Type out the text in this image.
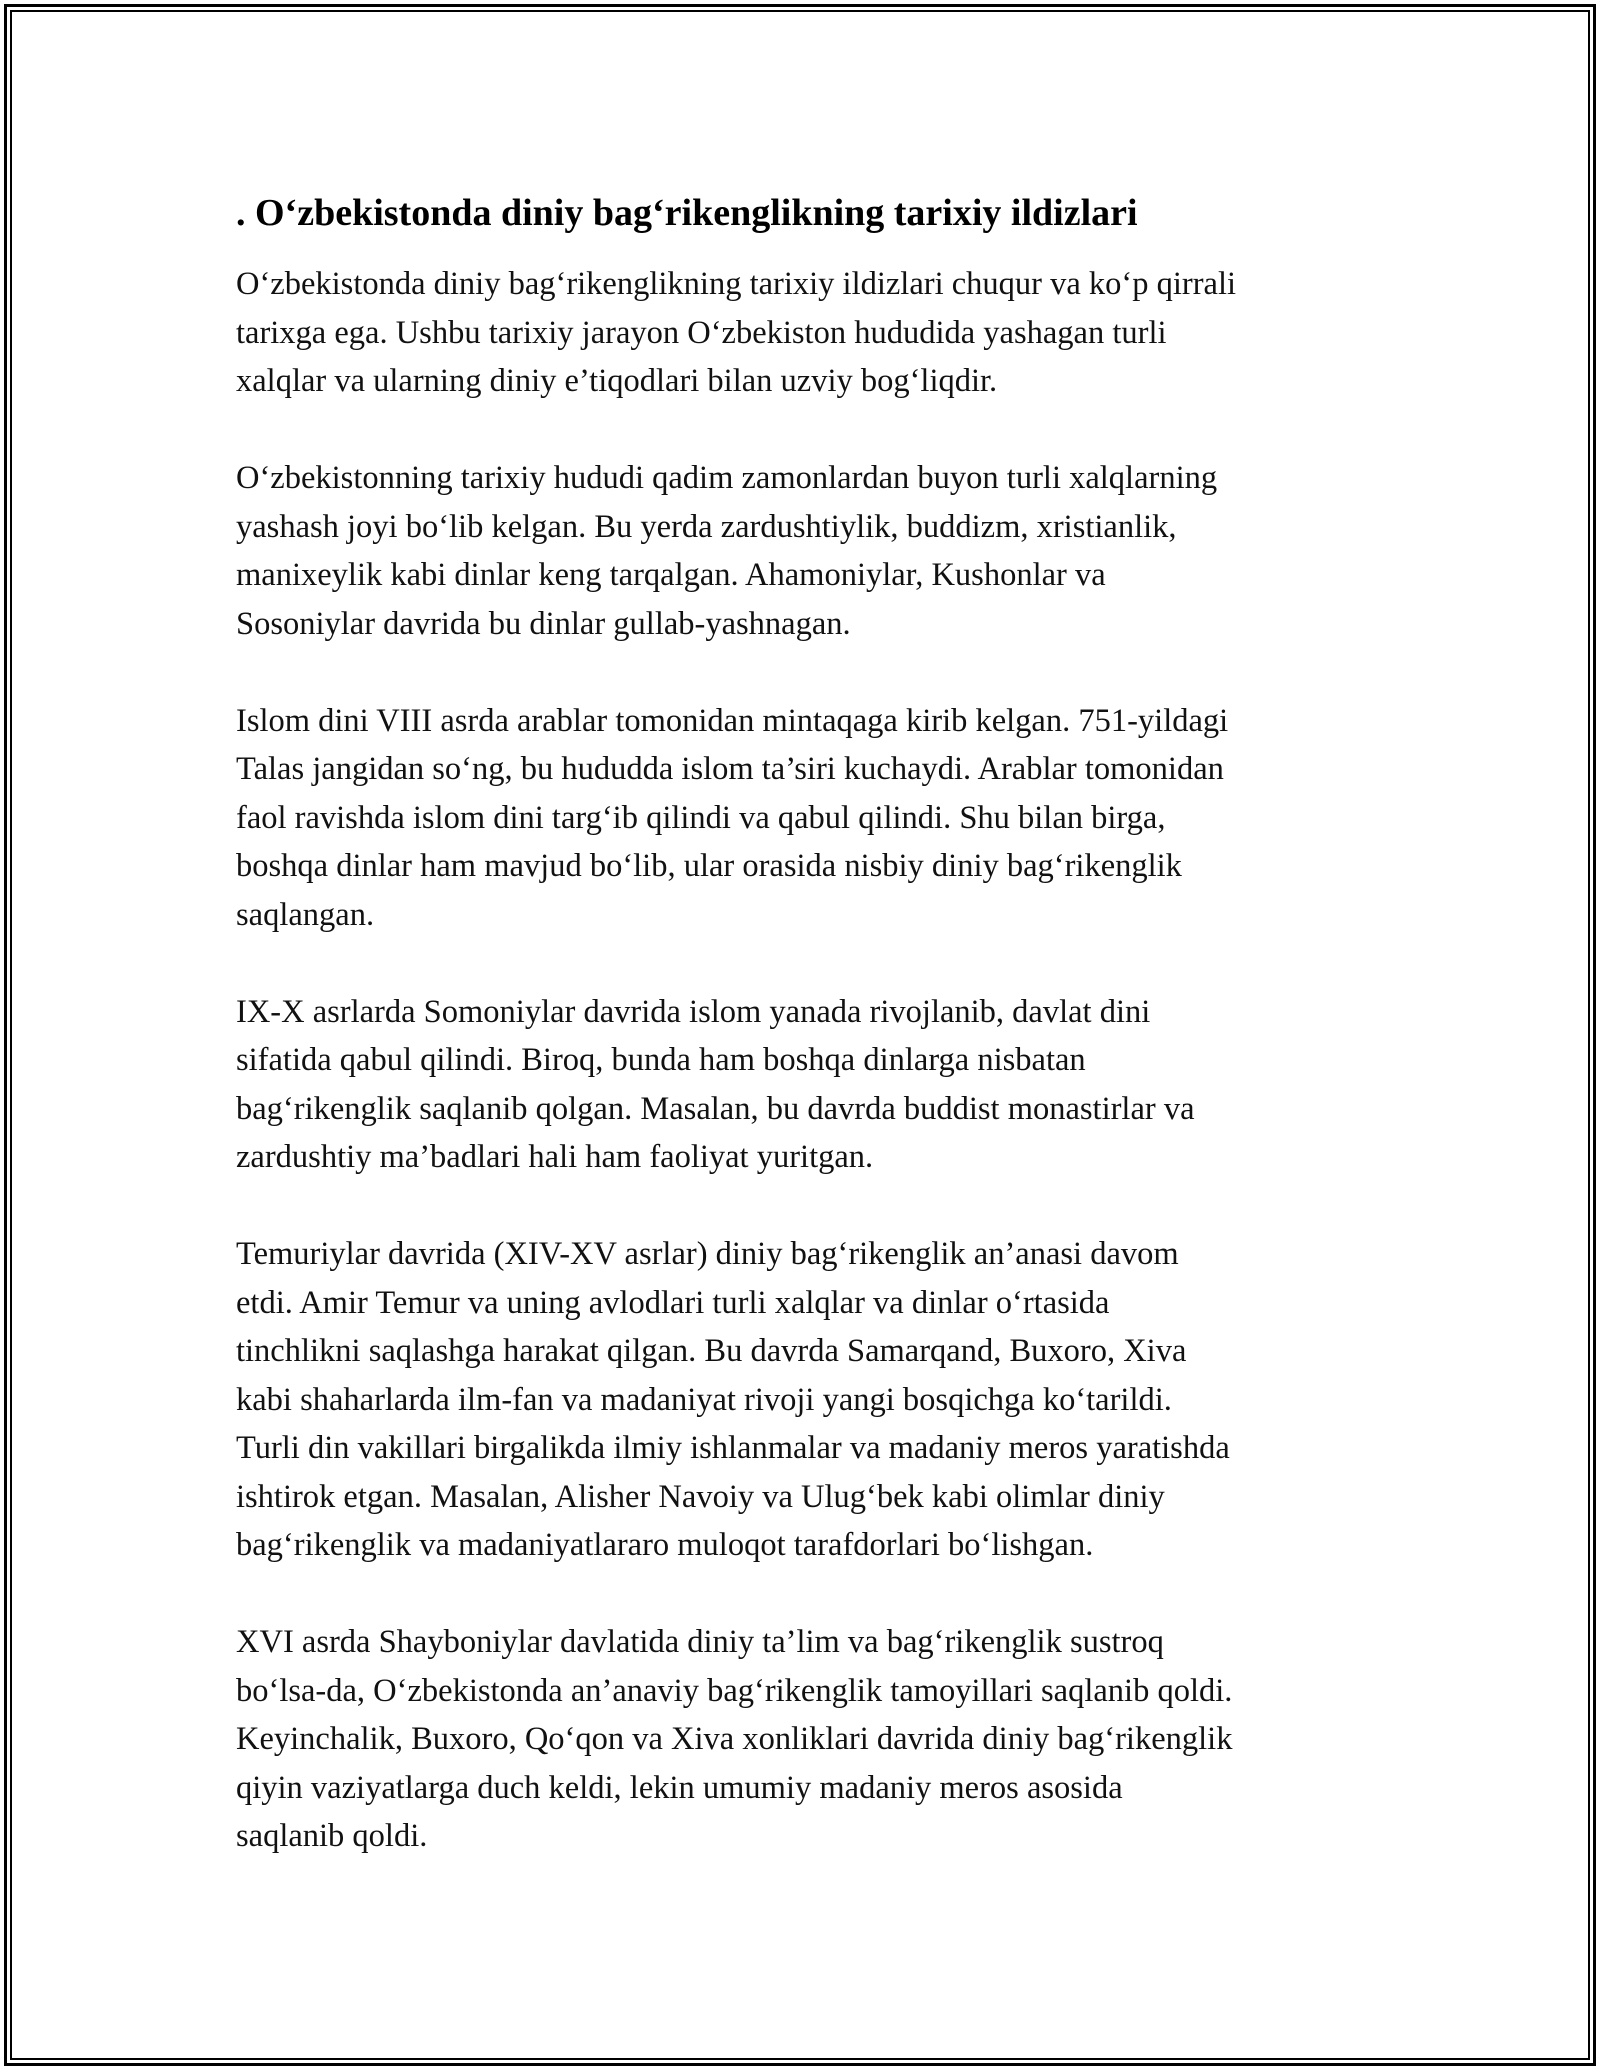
. O‘zbekistonda diniy bag‘rikenglikning tarixiy ildizlari

O‘zbekistonda diniy bag‘rikenglikning tarixiy ildizlari chuqur va ko‘p qirrali
tarixga ega. Ushbu tarixiy jarayon O‘zbekiston hududida yashagan turli
xalqlar va ularning diniy e’tiqodlari bilan uzviy bog‘liqdir.

O‘zbekistonning tarixiy hududi qadim zamonlardan buyon turli xalqlarning
yashash joyi bo‘lib kelgan. Bu yerda zardushtiylik, buddizm, xristianlik,
manixeylik kabi dinlar keng tarqalgan. Ahamoniylar, Kushonlar va
Sosoniylar davrida bu dinlar gullab-yashnagan.

Islom dini VIII asrda arablar tomonidan mintaqaga kirib kelgan. 751-yildagi
Talas jangidan so‘ng, bu hududda islom ta’siri kuchaydi. Arablar tomonidan
faol ravishda islom dini targ‘ib qilindi va qabul qilindi. Shu bilan birga,
boshqa dinlar ham mavjud bo‘lib, ular orasida nisbiy diniy bag‘rikenglik
saqlangan.

IX-X asrlarda Somoniylar davrida islom yanada rivojlanib, davlat dini
sifatida qabul qilindi. Biroq, bunda ham boshqa dinlarga nisbatan
bag‘rikenglik saqlanib qolgan. Masalan, bu davrda buddist monastirlar va
zardushtiy ma’badlari hali ham faoliyat yuritgan.

Temuriylar davrida (XIV-XV asrlar) diniy bag‘rikenglik an’anasi davom
etdi. Amir Temur va uning avlodlari turli xalqlar va dinlar o‘rtasida
tinchlikni saqlashga harakat qilgan. Bu davrda Samarqand, Buxoro, Xiva
kabi shaharlarda ilm-fan va madaniyat rivoji yangi bosqichga ko‘tarildi.
Turli din vakillari birgalikda ilmiy ishlanmalar va madaniy meros yaratishda
ishtirok etgan. Masalan, Alisher Navoiy va Ulug‘bek kabi olimlar diniy
bag‘rikenglik va madaniyatlararo muloqot tarafdorlari bo‘lishgan.

XVI asrda Shayboniylar davlatida diniy ta’lim va bag‘rikenglik sustroq
bo‘lsa-da, O‘zbekistonda an’anaviy bag‘rikenglik tamoyillari saqlanib qoldi.
Keyinchalik, Buxoro, Qo‘qon va Xiva xonliklari davrida diniy bag‘rikenglik
qiyin vaziyatlarga duch keldi, lekin umumiy madaniy meros asosida
saqlanib qoldi.
